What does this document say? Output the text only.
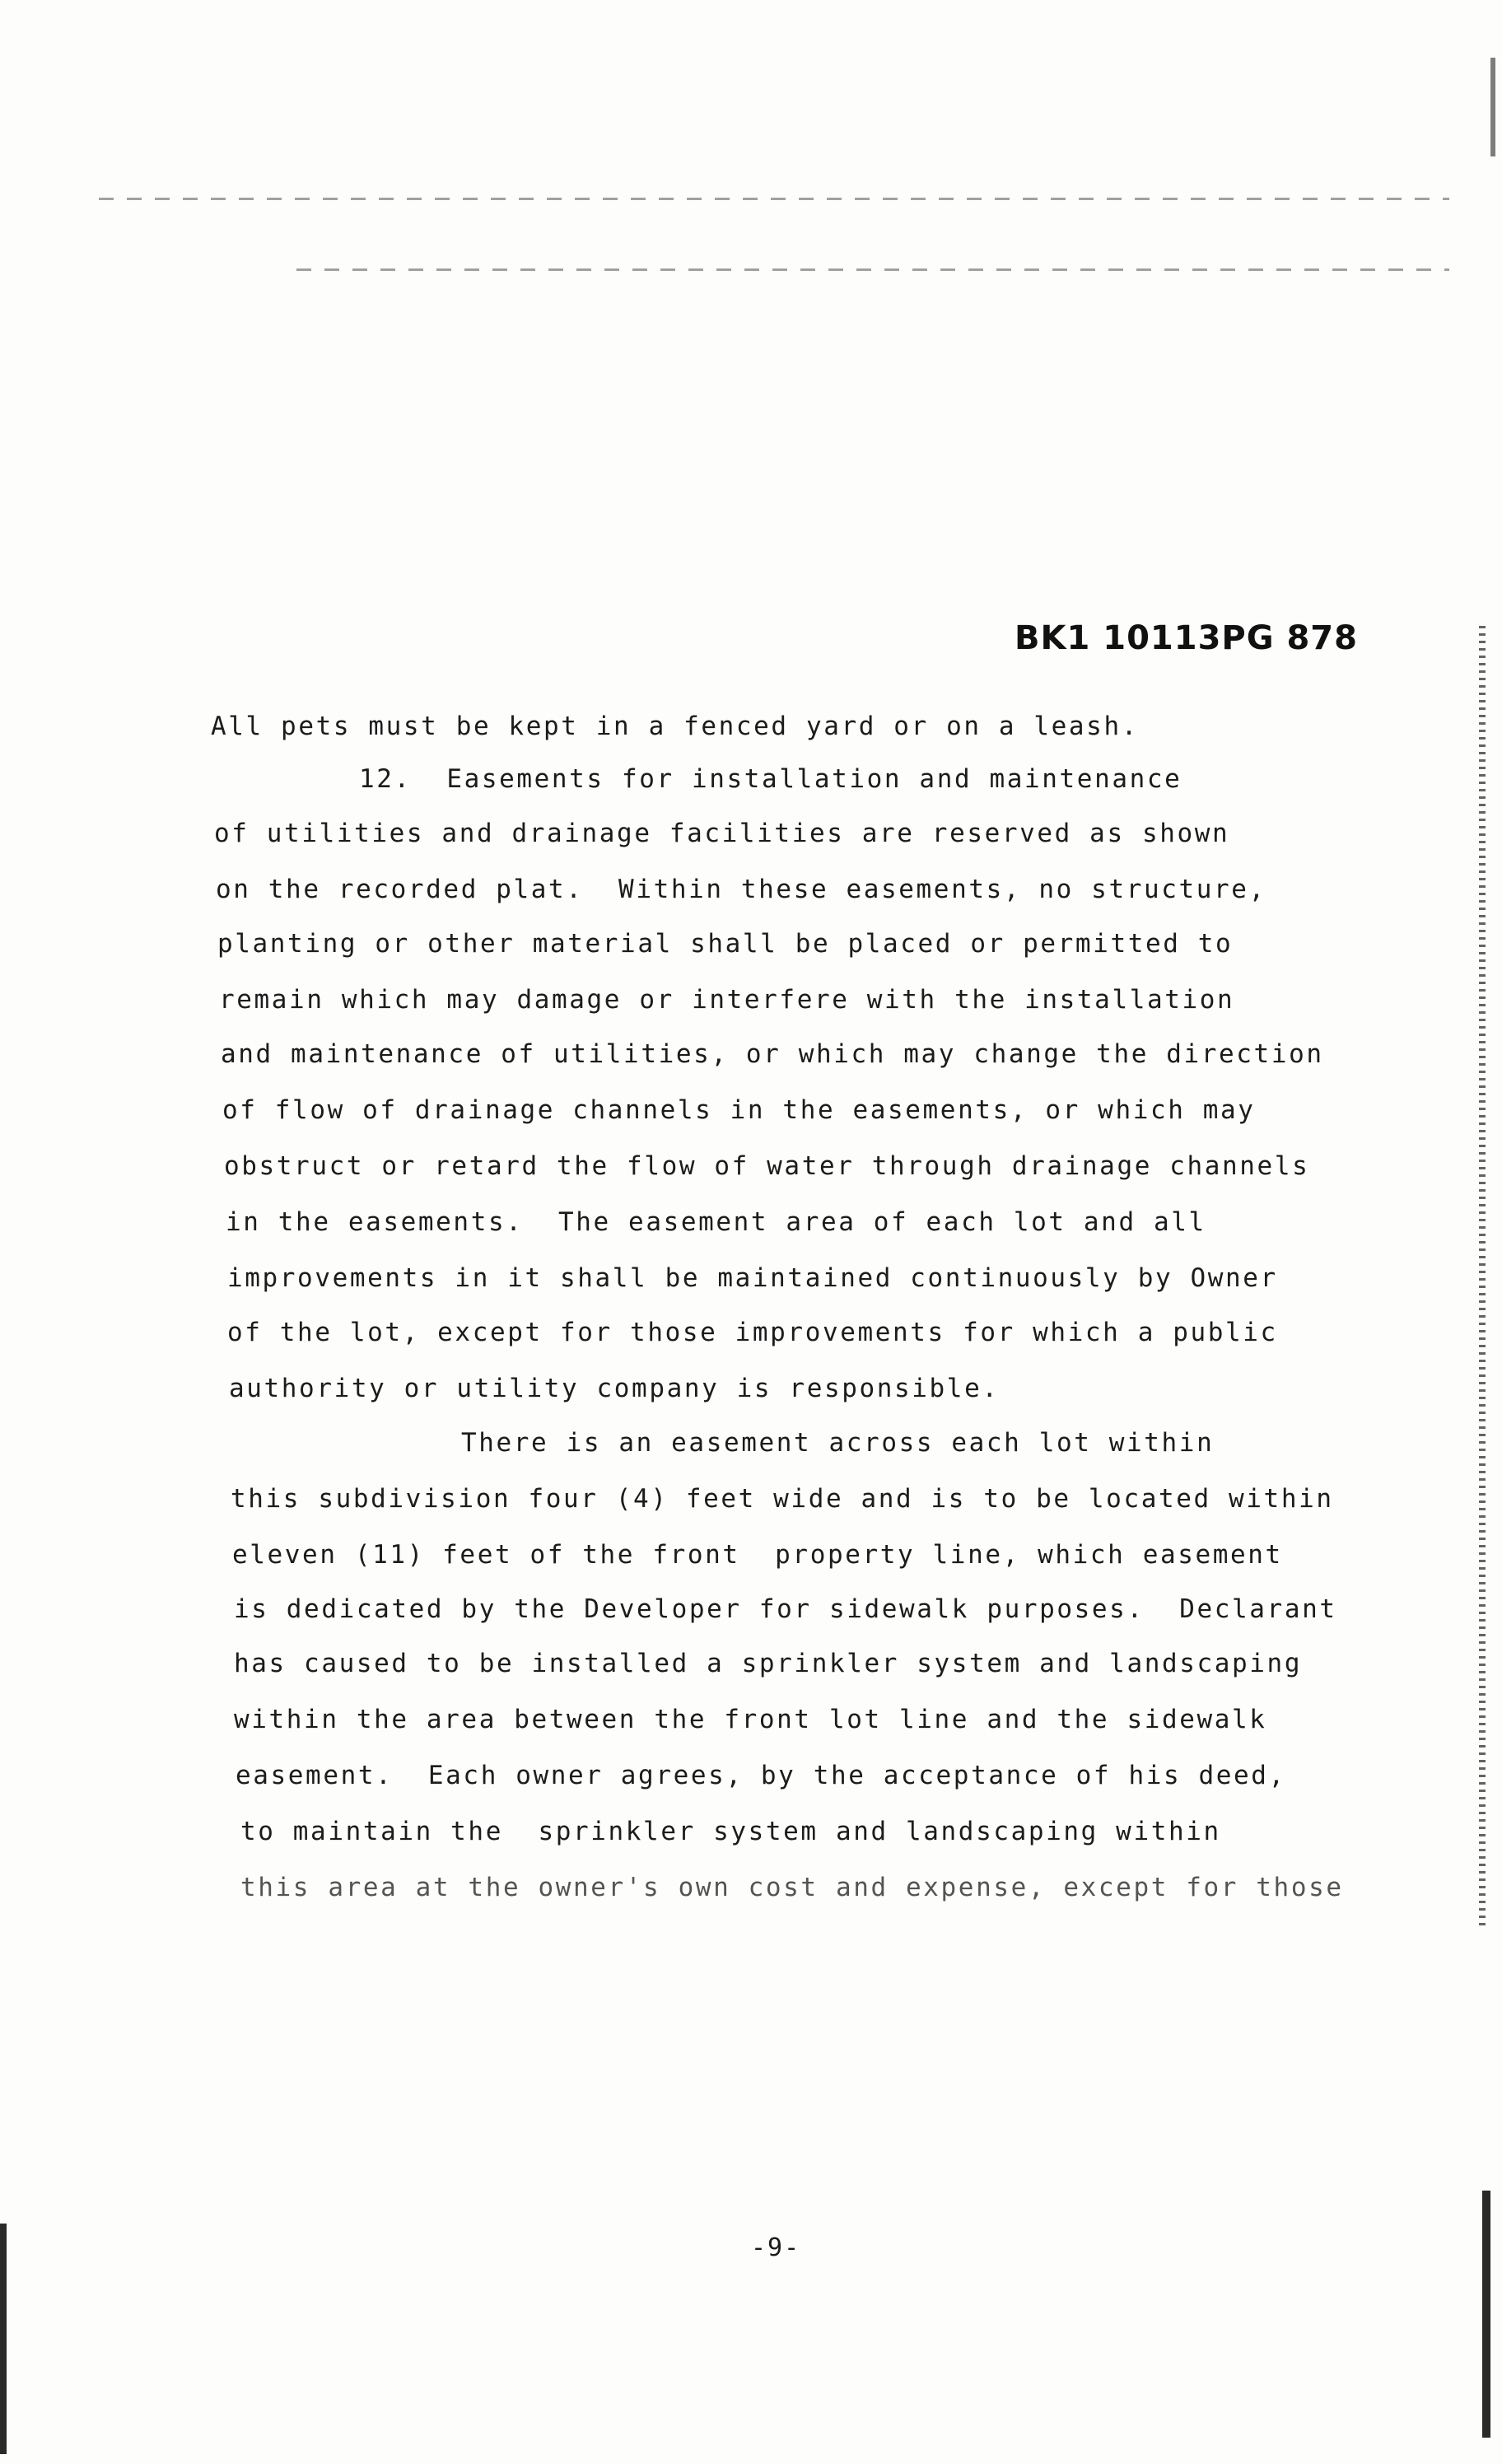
BK1 10113PG 878
All pets must be kept in a fenced yard or on a leash.
12.  Easements for installation and maintenance
of utilities and drainage facilities are reserved as shown
on the recorded plat.  Within these easements, no structure,
planting or other material shall be placed or permitted to
remain which may damage or interfere with the installation
and maintenance of utilities, or which may change the direction
of flow of drainage channels in the easements, or which may
obstruct or retard the flow of water through drainage channels
in the easements.  The easement area of each lot and all
improvements in it shall be maintained continuously by Owner
of the lot, except for those improvements for which a public
authority or utility company is responsible.
There is an easement across each lot within
this subdivision four (4) feet wide and is to be located within
eleven (11) feet of the front  property line, which easement
is dedicated by the Developer for sidewalk purposes.  Declarant
has caused to be installed a sprinkler system and landscaping
within the area between the front lot line and the sidewalk
easement.  Each owner agrees, by the acceptance of his deed,
to maintain the  sprinkler system and landscaping within
this area at the owner's own cost and expense, except for those
-9-
